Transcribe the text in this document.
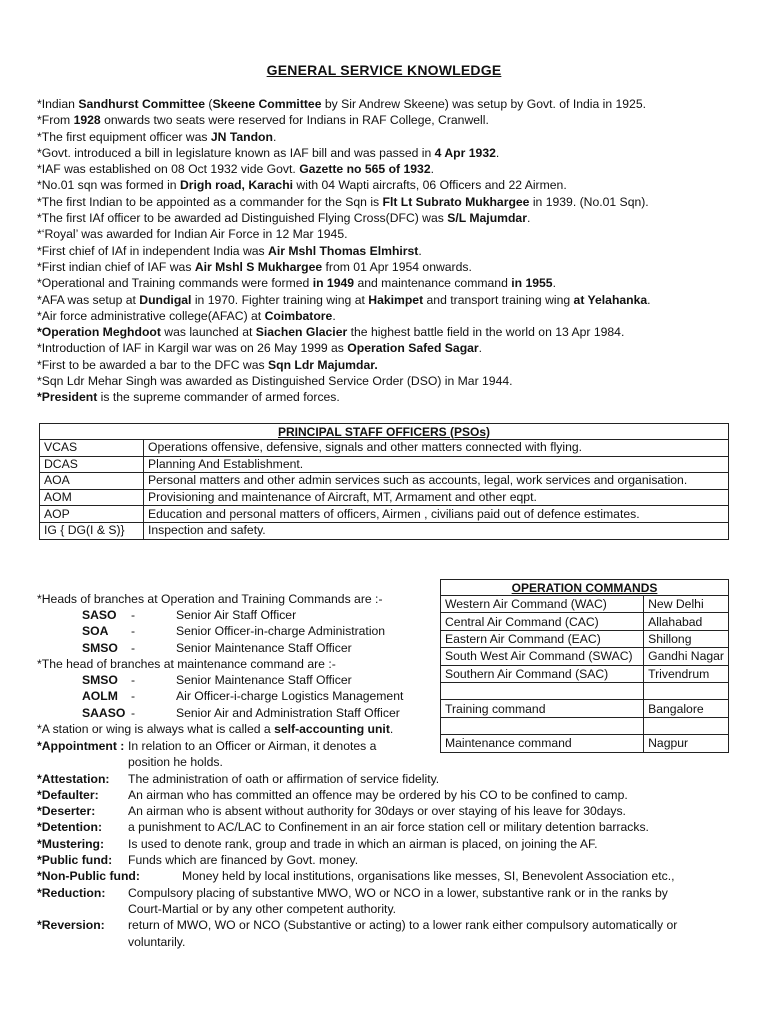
GENERAL SERVICE KNOWLEDGE
*Indian Sandhurst Committee (Skeene Committee by Sir Andrew Skeene) was setup by Govt. of India in 1925.
*From 1928 onwards two seats were reserved for Indians in RAF College, Cranwell.
*The first equipment officer was JN Tandon.
*Govt. introduced a bill in legislature known as IAF bill and was passed in 4 Apr 1932.
*IAF was established on 08 Oct 1932 vide Govt. Gazette no 565 of 1932.
*No.01 sqn was formed in Drigh road, Karachi with 04 Wapti aircrafts, 06 Officers and 22 Airmen.
*The first Indian to be appointed as a commander for the Sqn is Flt Lt Subrato Mukhargee in 1939. (No.01 Sqn).
*The first IAf officer to be awarded ad Distinguished Flying Cross(DFC) was S/L Majumdar.
*‘Royal’ was awarded for Indian Air Force in 12 Mar 1945.
*First chief of IAf in independent India was Air Mshl Thomas Elmhirst.
*First indian chief of IAF was Air Mshl S Mukhargee from 01 Apr 1954 onwards.
*Operational and Training commands were formed in 1949 and maintenance command in 1955.
*AFA was setup at Dundigal in 1970. Fighter training wing at Hakimpet and transport training wing at Yelahanka.
*Air force administrative college(AFAC) at Coimbatore.
*Operation Meghdoot was launched at Siachen Glacier the highest battle field in the world on 13 Apr 1984.
*Introduction of IAF in Kargil war was on 26 May 1999 as Operation Safed Sagar.
*First to be awarded a bar to the DFC was Sqn Ldr Majumdar.
*Sqn Ldr Mehar Singh was awarded as Distinguished Service Order (DSO) in Mar 1944.
*President is the supreme commander of armed forces.
PRINCIPAL STAFF OFFICERS (PSOs)	
VCAS	Operations offensive, defensive, signals and other matters connected with flying.
DCAS	Planning And Establishment.
AOA	Personal matters and other admin services such as accounts, legal, work services and organisation.
AOM	Provisioning and maintenance of Aircraft, MT, Armament and other eqpt.
AOP	Education and personal matters of officers, Airmen , civilians paid out of defence estimates.
IG { DG(I & S)}	Inspection and safety.
OPERATION COMMANDS	
Western Air Command (WAC)	New Delhi
Central Air Command (CAC)	Allahabad
Eastern Air Command (EAC)	Shillong
South West Air Command (SWAC)	Gandhi Nagar
Southern Air Command (SAC)	Trivendrum

Training command	Bangalore

Maintenance command	Nagpur
*Heads of branches at Operation and Training Commands are :-
SASO	-	Senior Air Staff Officer
SOA	-	Senior Officer-in-charge Administration
SMSO	-	Senior Maintenance Staff Officer
*The head of branches at maintenance command are :-
SMSO	-	Senior Maintenance Staff Officer
AOLM	-	Air Officer-i-charge Logistics Management
SAASO -	Senior Air and Administration Staff Officer
*A station or wing is always what is called a self-accounting unit.
*Appointment : In relation to an Officer or Airman, it denotes a
position he holds.
*Attestation: The administration of oath or affirmation of service fidelity.
*Defaulter: An airman who has committed an offence may be ordered by his CO to be confined to camp.
*Deserter:	An airman who is absent without authority for 30days or over staying of his leave for 30days.
*Detention: a punishment to AC/LAC to Confinement in an air force station cell or military detention barracks.
*Mustering: Is used to denote rank, group and trade in which an airman is placed, on joining the AF.
*Public fund: Funds which are financed by Govt. money.
*Non-Public fund:	Money held by local institutions, organisations like messes, SI, Benevolent Association etc.,
*Reduction: Compulsory placing of substantive MWO, WO or NCO in a lower, substantive rank or in the ranks by
Court-Martial or by any other competent authority.
*Reversion: return of MWO, WO or NCO (Substantive or acting) to a lower rank either compulsory automatically or
voluntarily.
